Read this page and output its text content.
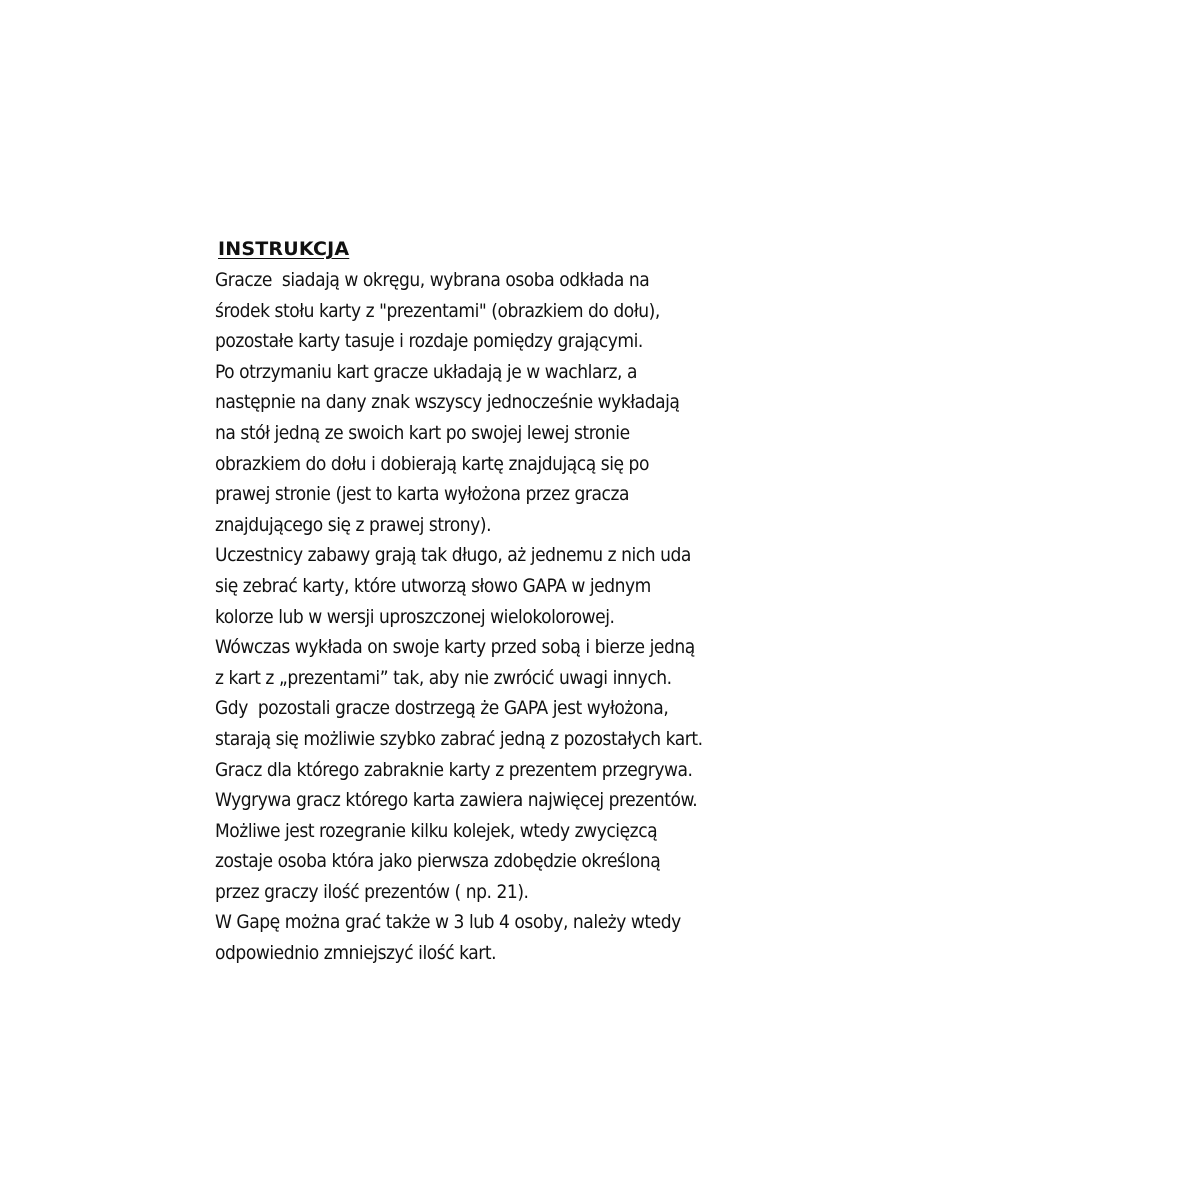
INSTRUKCJA
Gracze  siadają w okręgu, wybrana osoba odkłada na
środek stołu karty z "prezentami" (obrazkiem do dołu),
pozostałe karty tasuje i rozdaje pomiędzy grającymi.
Po otrzymaniu kart gracze układają je w wachlarz, a
następnie na dany znak wszyscy jednocześnie wykładają
na stół jedną ze swoich kart po swojej lewej stronie
obrazkiem do dołu i dobierają kartę znajdującą się po
prawej stronie (jest to karta wyłożona przez gracza
znajdującego się z prawej strony).
Uczestnicy zabawy grają tak długo, aż jednemu z nich uda
się zebrać karty, które utworzą słowo GAPA w jednym
kolorze lub w wersji uproszczonej wielokolorowej.
Wówczas wykłada on swoje karty przed sobą i bierze jedną
z kart z „prezentami” tak, aby nie zwrócić uwagi innych.
Gdy  pozostali gracze dostrzegą że GAPA jest wyłożona,
starają się możliwie szybko zabrać jedną z pozostałych kart.
Gracz dla którego zabraknie karty z prezentem przegrywa.
Wygrywa gracz którego karta zawiera najwięcej prezentów.
Możliwe jest rozegranie kilku kolejek, wtedy zwycięzcą
zostaje osoba która jako pierwsza zdobędzie określoną
przez graczy ilość prezentów ( np. 21).
W Gapę można grać także w 3 lub 4 osoby, należy wtedy
odpowiednio zmniejszyć ilość kart.
